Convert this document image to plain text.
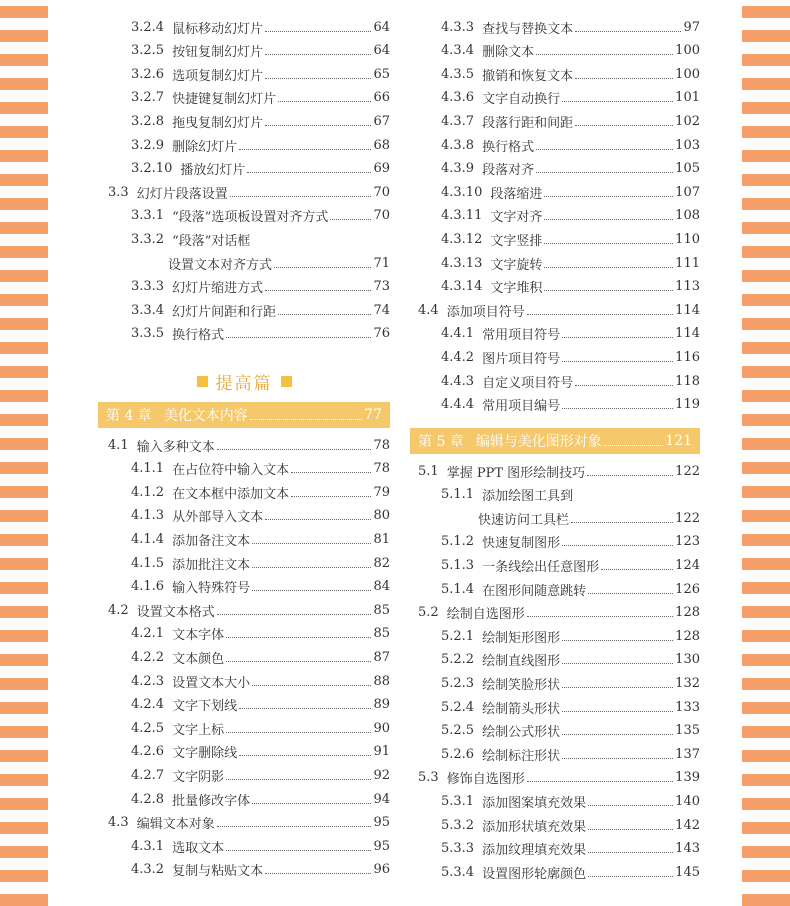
3.2.4 鼠标移动幻灯片	64
3.2.5 按钮复制幻灯片	64
3.2.6 选项复制幻灯片	65
3.2.7 快捷键复制幻灯片	66
3.2.8 拖曳复制幻灯片	67
3.2.9 删除幻灯片	68
3.2.10 播放幻灯片	69
3.3 幻灯片段落设置	70
3.3.1 “段落”选项板设置对齐方式	70
3.3.2 “段落”对话框
设置文本对齐方式	71
3.3.3 幻灯片缩进方式	73
3.3.4 幻灯片间距和行距	74
3.3.5 换行格式	76
提高篇
第 4 章 美化文本内容	77
4.1 输入多种文本	78
4.1.1 在占位符中输入文本	78
4.1.2 在文本框中添加文本	79
4.1.3 从外部导入文本	80
4.1.4 添加备注文本	81
4.1.5 添加批注文本	82
4.1.6 输入特殊符号	84
4.2 设置文本格式	85
4.2.1 文本字体	85
4.2.2 文本颜色	87
4.2.3 设置文本大小	88
4.2.4 文字下划线	89
4.2.5 文字上标	90
4.2.6 文字删除线	91
4.2.7 文字阴影	92
4.2.8 批量修改字体	94
4.3 编辑文本对象	95
4.3.1 选取文本	95
4.3.2 复制与粘贴文本	96
4.3.3 查找与替换文本	97
4.3.4 删除文本	100
4.3.5 撤销和恢复文本	100
4.3.6 文字自动换行	101
4.3.7 段落行距和间距	102
4.3.8 换行格式	103
4.3.9 段落对齐	105
4.3.10 段落缩进	107
4.3.11 文字对齐	108
4.3.12 文字竖排	110
4.3.13 文字旋转	111
4.3.14 文字堆积	113
4.4 添加项目符号	114
4.4.1 常用项目符号	114
4.4.2 图片项目符号	116
4.4.3 自定义项目符号	118
4.4.4 常用项目编号	119
第 5 章 编辑与美化图形对象	121
5.1 掌握 PPT 图形绘制技巧	122
5.1.1 添加绘图工具到
快速访问工具栏	122
5.1.2 快速复制图形	123
5.1.3 一条线绘出任意图形	124
5.1.4 在图形间随意跳转	126
5.2 绘制自选图形	128
5.2.1 绘制矩形图形	128
5.2.2 绘制直线图形	130
5.2.3 绘制笑脸形状	132
5.2.4 绘制箭头形状	133
5.2.5 绘制公式形状	135
5.2.6 绘制标注形状	137
5.3 修饰自选图形	139
5.3.1 添加图案填充效果	140
5.3.2 添加形状填充效果	142
5.3.3 添加纹理填充效果	143
5.3.4 设置图形轮廓颜色	145
